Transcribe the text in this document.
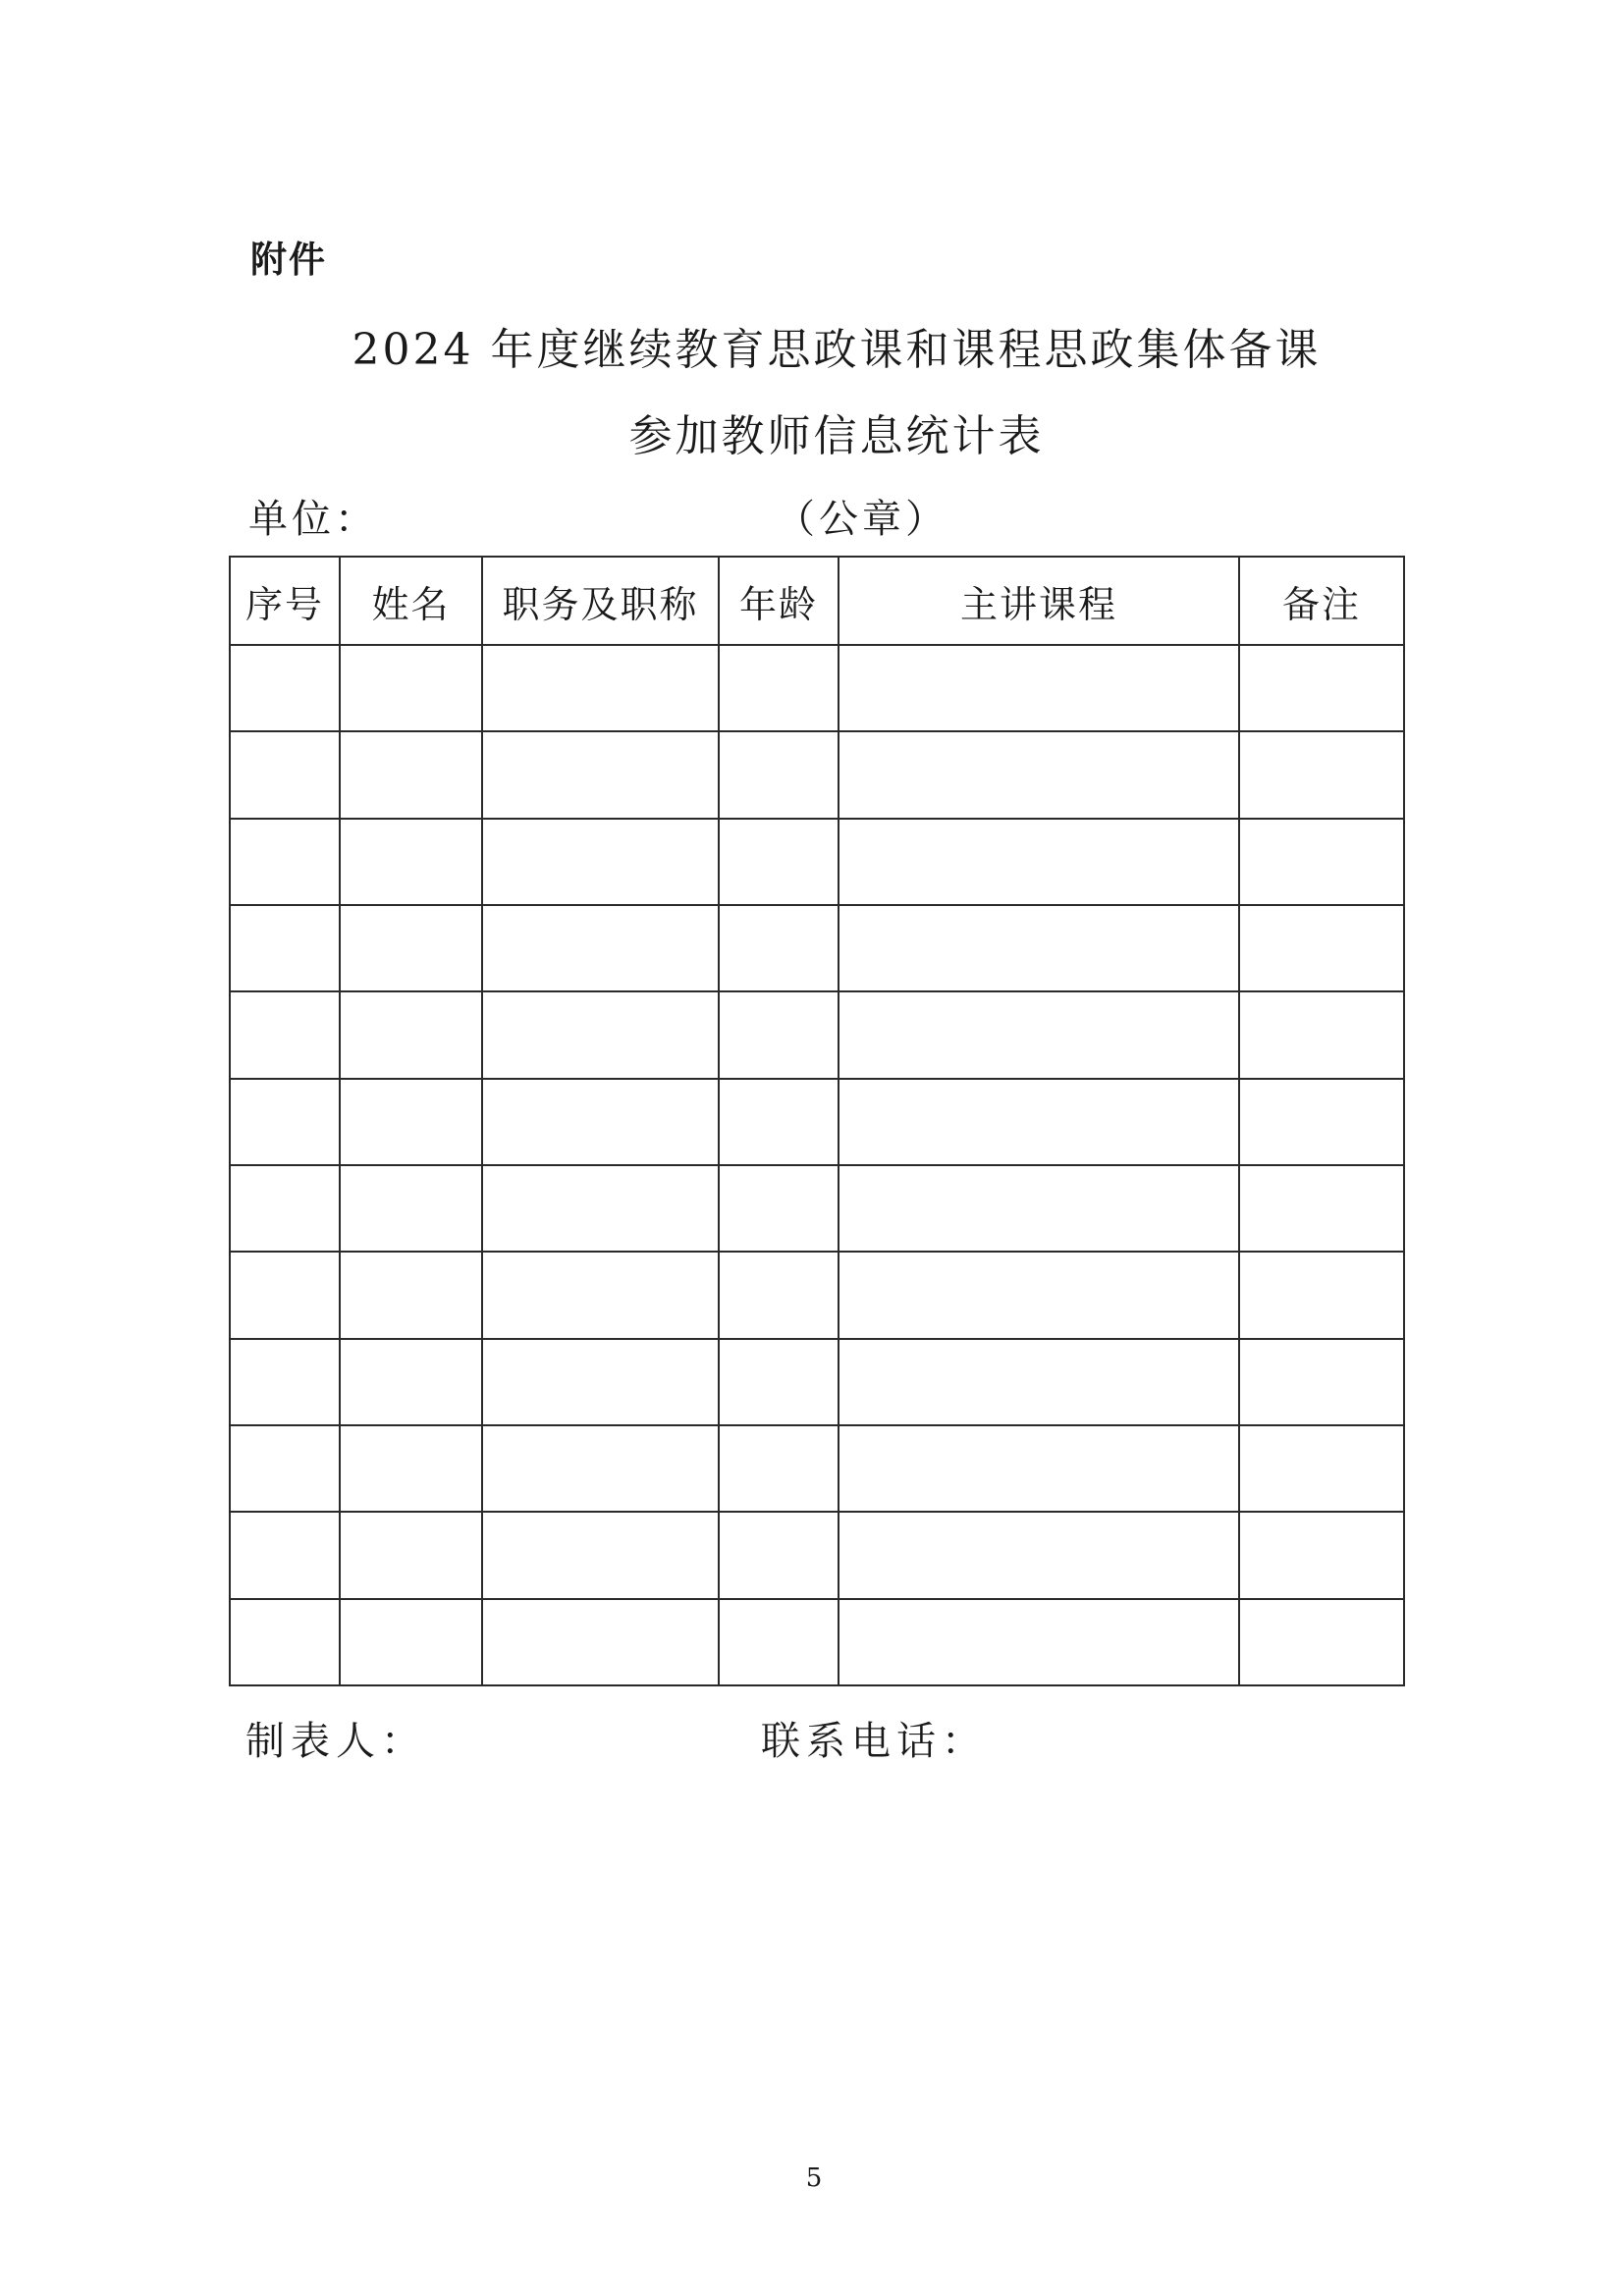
附件
2024 年度继续教育思政课和课程思政集体备课
参加教师信息统计表
单位：	（公章）
序号	姓名	职务及职称	年龄	主讲课程	备注

制表人：	联系电话：
5
